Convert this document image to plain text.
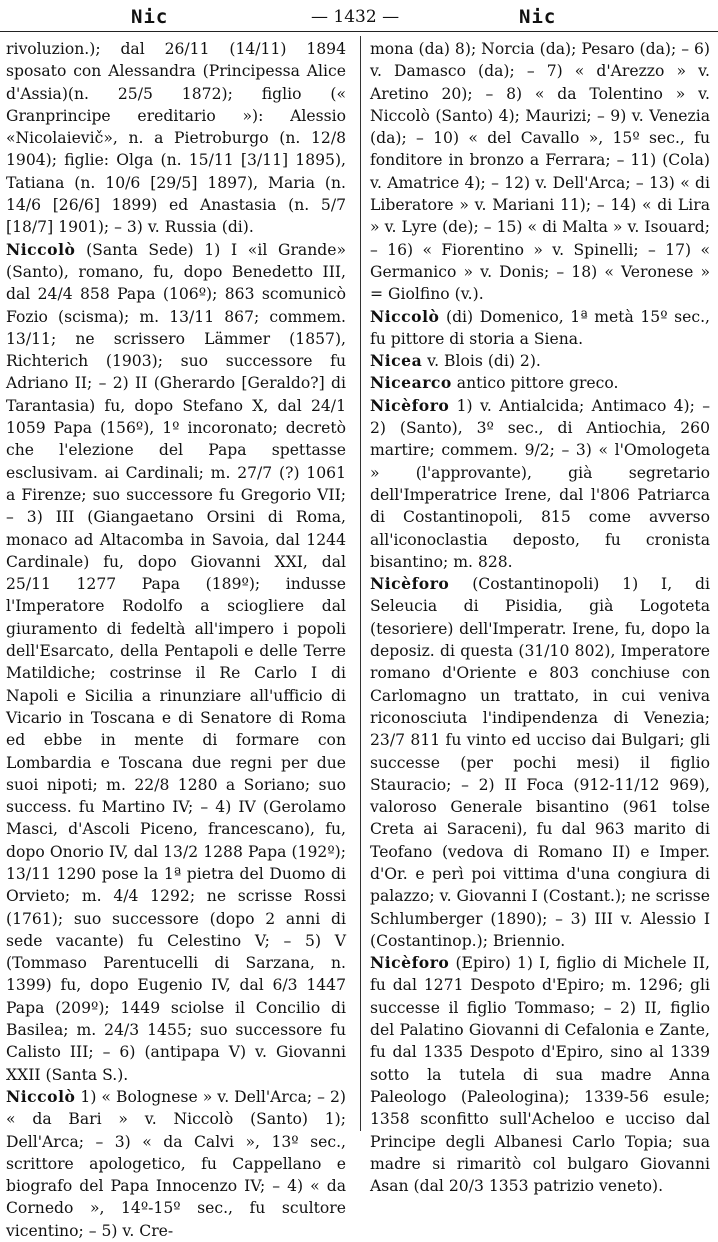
Nic	— 1432 —	Nic

rivoluzion.); dal 26/11 (14/11) 1894 sposato con Alessandra (Principessa Alice d'Assia)(n. 25/5 1872); figlio (« Granprincipe ereditario »): Alessio «Nicolaievič», n. a Pietroburgo (n. 12/8 1904); figlie: Olga (n. 15/11 [3/11] 1895), Tatiana (n. 10/6 [29/5] 1897), Maria (n. 14/6 [26/6] 1899) ed Anastasia (n. 5/7 [18/7] 1901); – 3) v. Russia (di).

Niccolò (Santa Sede) 1) I «il Grande» (Santo), romano, fu, dopo Benedetto III, dal 24/4 858 Papa (106º); 863 scomunicò Fozio (scisma); m. 13/11 867; commem. 13/11; ne scrissero Lämmer (1857), Richterich (1903); suo successore fu Adriano II; – 2) II (Gherardo [Geraldo?] di Tarantasia) fu, dopo Stefano X, dal 24/1 1059 Papa (156º), 1º incoronato; decretò che l'elezione del Papa spettasse esclusivam. ai Cardinali; m. 27/7 (?) 1061 a Firenze; suo successore fu Gregorio VII; – 3) III (Giangaetano Orsini di Roma, monaco ad Altacomba in Savoia, dal 1244 Cardinale) fu, dopo Giovanni XXI, dal 25/11 1277 Papa (189º); indusse l'Imperatore Rodolfo a sciogliere dal giuramento di fedeltà all'impero i popoli dell'Esarcato, della Pentapoli e delle Terre Matildiche; costrinse il Re Carlo I di Napoli e Sicilia a rinunziare all'ufficio di Vicario in Toscana e di Senatore di Roma ed ebbe in mente di formare con Lombardia e Toscana due regni per due suoi nipoti; m. 22/8 1280 a Soriano; suo success. fu Martino IV; – 4) IV (Gerolamo Masci, d'Ascoli Piceno, francescano), fu, dopo Onorio IV, dal 13/2 1288 Papa (192º); 13/11 1290 pose la 1ª pietra del Duomo di Orvieto; m. 4/4 1292; ne scrisse Rossi (1761); suo successore (dopo 2 anni di sede vacante) fu Celestino V; – 5) V (Tommaso Parentucelli di Sarzana, n. 1399) fu, dopo Eugenio IV, dal 6/3 1447 Papa (209º); 1449 sciolse il Concilio di Basilea; m. 24/3 1455; suo successore fu Calisto III; – 6) (antipapa V) v. Giovanni XXII (Santa S.).

Niccolò 1) « Bolognese » v. Dell'Arca; – 2) « da Bari » v. Niccolò (Santo) 1); Dell'Arca; – 3) « da Calvi », 13º sec., scrittore apologetico, fu Cappellano e biografo del Papa Innocenzo IV; – 4) « da Cornedo », 14º-15º sec., fu scultore vicentino; – 5) v. Cre-

mona (da) 8); Norcia (da); Pesaro (da); – 6) v. Damasco (da); – 7) « d'Arezzo » v. Aretino 20); – 8) « da Tolentino » v. Niccolò (Santo) 4); Maurizi; – 9) v. Venezia (da); – 10) « del Cavallo », 15º sec., fu fonditore in bronzo a Ferrara; – 11) (Cola) v. Amatrice 4); – 12) v. Dell'Arca; – 13) « di Liberatore » v. Mariani 11); – 14) « di Lira » v. Lyre (de); – 15) « di Malta » v. Isouard; – 16) « Fiorentino » v. Spinelli; – 17) « Germanico » v. Donis; – 18) « Veronese » = Giolfino (v.).

Niccolò (di) Domenico, 1ª metà 15º sec., fu pittore di storia a Siena.

Nicea v. Blois (di) 2).

Nicearco antico pittore greco.

Nicèforo 1) v. Antialcida; Antimaco 4); – 2) (Santo), 3º sec., di Antiochia, 260 martire; commem. 9/2; – 3) « l'Omologeta » (l'approvante), già segretario dell'Imperatrice Irene, dal l'806 Patriarca di Costantinopoli, 815 come avverso all'iconoclastia deposto, fu cronista bisantino; m. 828.

Nicèforo (Costantinopoli) 1) I, di Seleucia di Pisidia, già Logoteta (tesoriere) dell'Imperatr. Irene, fu, dopo la deposiz. di questa (31/10 802), Imperatore romano d'Oriente e 803 conchiuse con Carlomagno un trattato, in cui veniva riconosciuta l'indipendenza di Venezia; 23/7 811 fu vinto ed ucciso dai Bulgari; gli successe (per pochi mesi) il figlio Stauracio; – 2) II Foca (912-11/12 969), valoroso Generale bisantino (961 tolse Creta ai Saraceni), fu dal 963 marito di Teofano (vedova di Romano II) e Imper. d'Or. e perì poi vittima d'una congiura di palazzo; v. Giovanni I (Costant.); ne scrisse Schlumberger (1890); – 3) III v. Alessio I (Costantinop.); Briennio.

Nicèforo (Epiro) 1) I, figlio di Michele II, fu dal 1271 Despoto d'Epiro; m. 1296; gli successe il figlio Tommaso; – 2) II, figlio del Palatino Giovanni di Cefalonia e Zante, fu dal 1335 Despoto d'Epiro, sino al 1339 sotto la tutela di sua madre Anna Paleologo (Paleologina); 1339-56 esule; 1358 sconfitto sull'Acheloo e ucciso dal Principe degli Albanesi Carlo Topia; sua madre si rimaritò col bulgaro Giovanni Asan (dal 20/3 1353 patrizio veneto).
